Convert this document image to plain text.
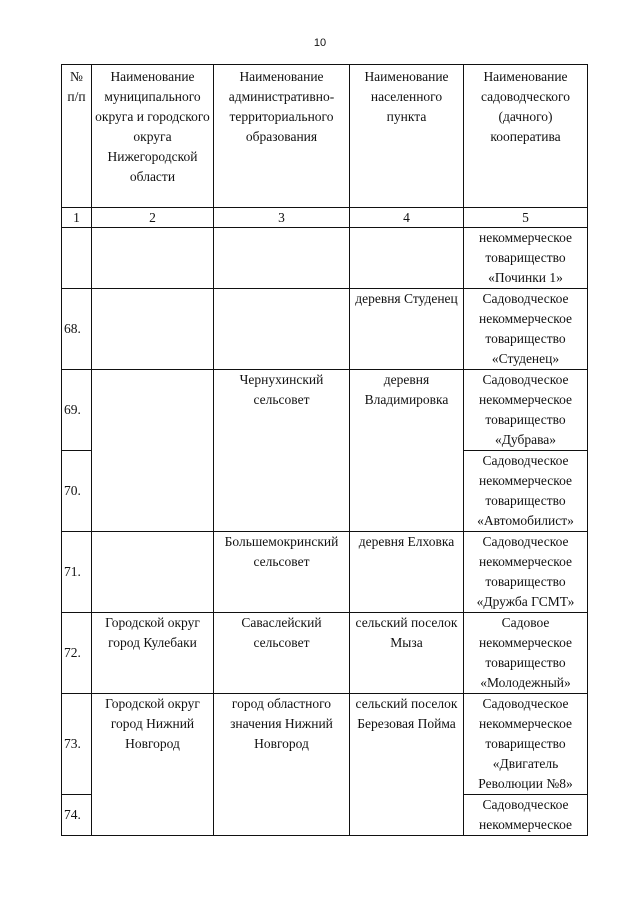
10
№ п/п	Наименование муниципального округа и городского округа Нижегородской области	Наименование административно-территориального образования	Наименование населенного пункта	Наименование садоводческого (дачного) кооператива
1	2	3	4	5
				некоммерческое товарищество «Починки 1»
68.			деревня Студенец	Садоводческое некоммерческое товарищество «Студенец»
69.		Чернухинский сельсовет	деревня Владимировка	Садоводческое некоммерческое товарищество «Дубрава»
70.				Садоводческое некоммерческое товарищество «Автомобилист»
71.		Большемокринский сельсовет	деревня Елховка	Садоводческое некоммерческое товарищество «Дружба ГСМТ»
72.	Городской округ город Кулебаки	Саваслейский сельсовет	сельский поселок Мыза	Садовое некоммерческое товарищество «Молодежный»
73.	Городской округ город Нижний Новгород	город областного значения Нижний Новгород	сельский поселок Березовая Пойма	Садоводческое некоммерческое товарищество «Двигатель Революции №8»
74.				Садоводческое некоммерческое
